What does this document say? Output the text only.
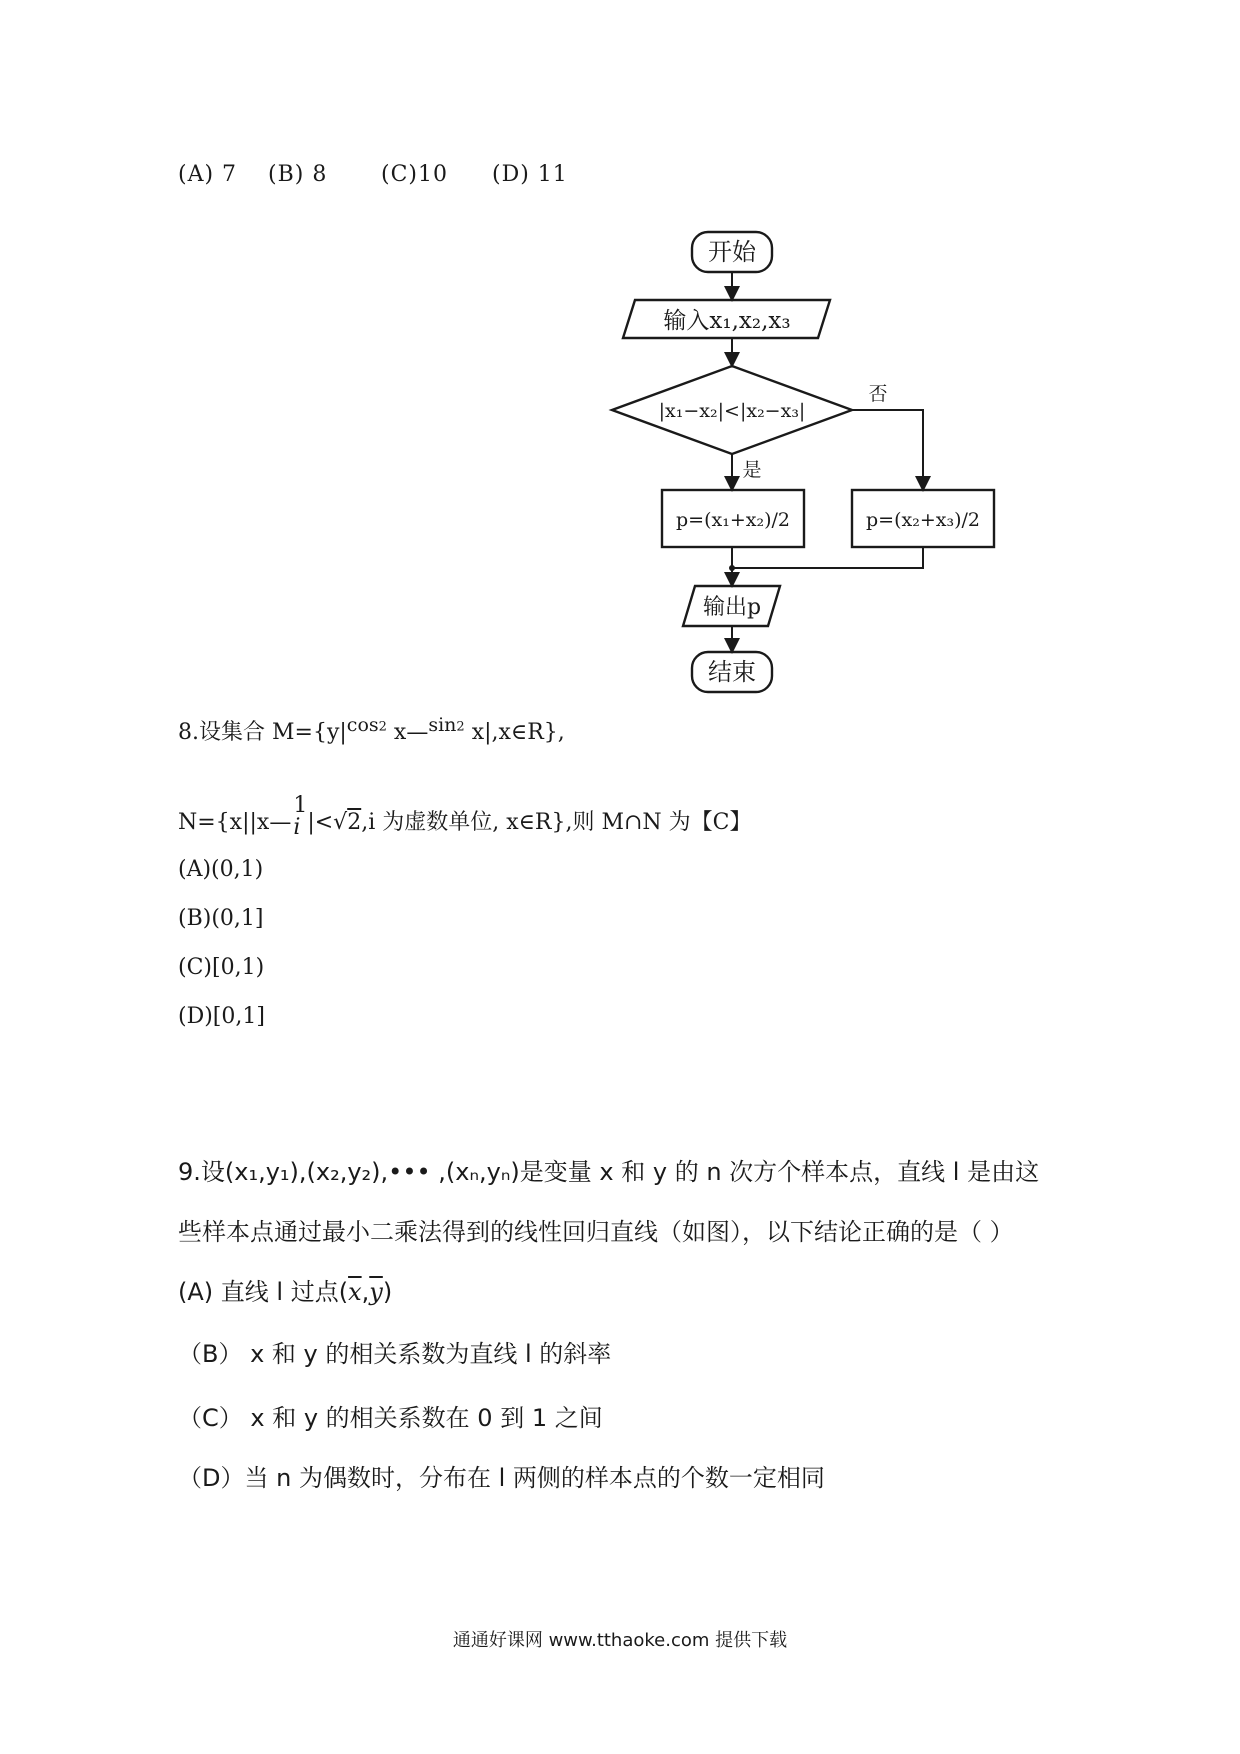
(A) 7 (B) 8 (C)10 (D) 11
开始
输入x₁,x₂,x₃
|x₁−x₂|<|x₂−x₃|
否
是
p=(x₁+x₂)/2	p=(x₂+x₃)/2
输出p
结束
8.设集合 $M=\{y|\cos^2$ $x—\sin^2$ x|,x∈R},
N={x||x—
1
i |<√2,i 为虚数单位, x∈R},则 M∩N 为【C】
(A)(0,1)
(B)(0,1]
(C)[0,1)
(D)[0,1]
9.设(x₁,y₁),(x₂,y₂),••• ,(xₙ,yₙ)是变量 x 和 y 的 n 次方个样本点，直线 l 是由这
些样本点通过最小二乘法得到的线性回归直线（如图），以下结论正确的是（ ）
(A) 直线 l 过点$(\overline{x},\overline{y})$
（B） x 和 y 的相关系数为直线 l 的斜率
（C） x 和 y 的相关系数在 0 到 1 之间
（D）当 n 为偶数时，分布在 l 两侧的样本点的个数一定相同
通通好课网 www.tthaoke.com 提供下载
